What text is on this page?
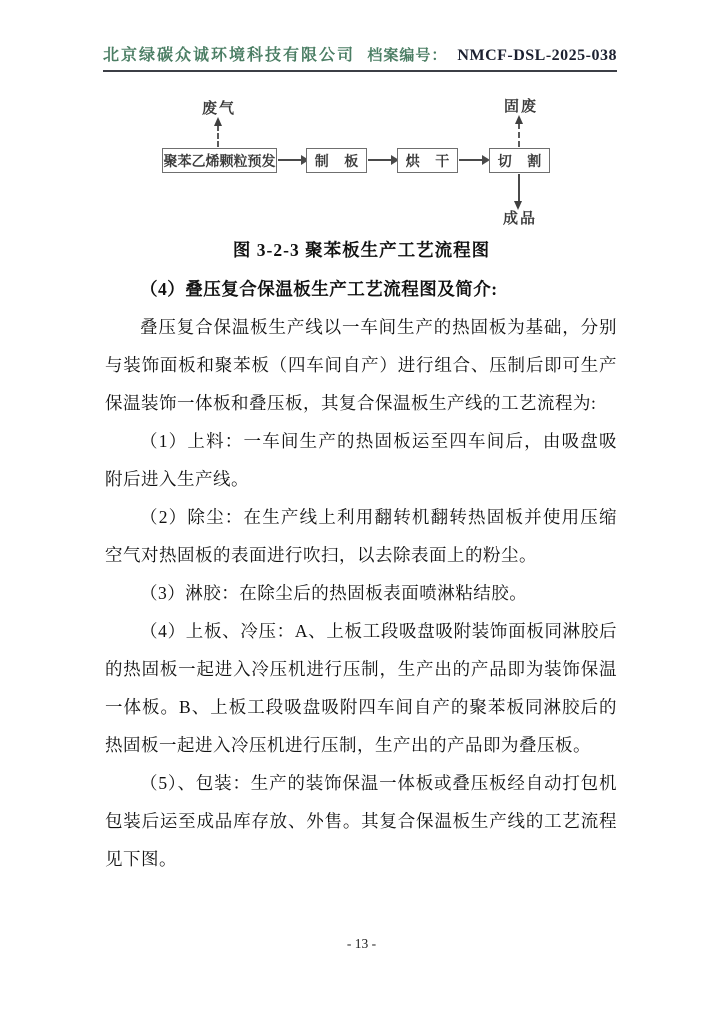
北京绿碳众诚环境科技有限公司 档案编号： NMCF-DSL-2025-038
废气
聚苯乙烯颗粒预发	制 板	烘 干	切 割
固废
成品
图 3-2-3 聚苯板生产工艺流程图

（4）叠压复合保温板生产工艺流程图及简介:

叠压复合保温板生产线以一车间生产的热固板为基础，分别与装饰面板和聚苯板（四车间自产）进行组合、压制后即可生产保温装饰一体板和叠压板，其复合保温板生产线的工艺流程为:

（1）上料：一车间生产的热固板运至四车间后，由吸盘吸附后进入生产线。

（2）除尘：在生产线上利用翻转机翻转热固板并使用压缩空气对热固板的表面进行吹扫，以去除表面上的粉尘。

（3）淋胶：在除尘后的热固板表面喷淋粘结胶。

（4）上板、冷压：A、上板工段吸盘吸附装饰面板同淋胶后的热固板一起进入冷压机进行压制，生产出的产品即为装饰保温一体板。B、上板工段吸盘吸附四车间自产的聚苯板同淋胶后的热固板一起进入冷压机进行压制，生产出的产品即为叠压板。

（5）、包装：生产的装饰保温一体板或叠压板经自动打包机包装后运至成品库存放、外售。其复合保温板生产线的工艺流程见下图。

- 13 -
